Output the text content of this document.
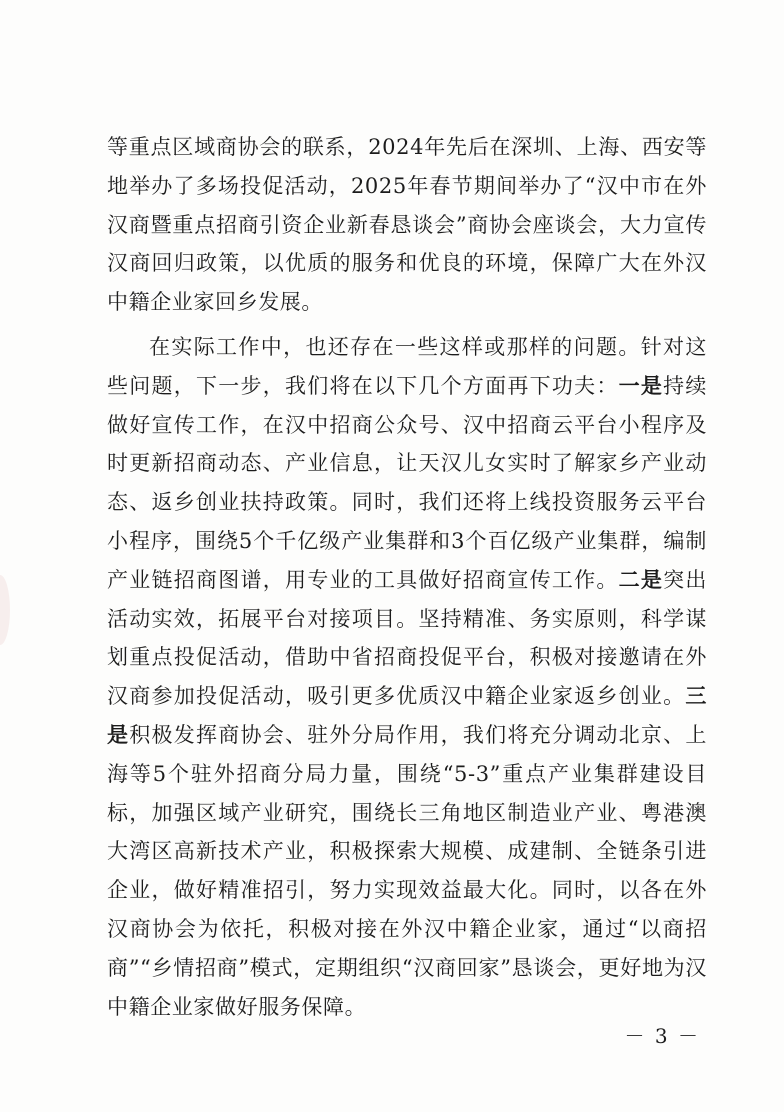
等重点区域商协会的联系，2024年先后在深圳、上海、西安等地举办了多场投促活动，2025年春节期间举办了“汉中市在外汉商暨重点招商引资企业新春恳谈会”商协会座谈会，大力宣传汉商回归政策，以优质的服务和优良的环境，保障广大在外汉中籍企业家回乡发展。

在实际工作中，也还存在一些这样或那样的问题。针对这些问题，下一步，我们将在以下几个方面再下功夫：一是持续做好宣传工作，在汉中招商公众号、汉中招商云平台小程序及时更新招商动态、产业信息，让天汉儿女实时了解家乡产业动态、返乡创业扶持政策。同时，我们还将上线投资服务云平台小程序，围绕5个千亿级产业集群和3个百亿级产业集群，编制产业链招商图谱，用专业的工具做好招商宣传工作。二是突出活动实效，拓展平台对接项目。坚持精准、务实原则，科学谋划重点投促活动，借助中省招商投促平台，积极对接邀请在外汉商参加投促活动，吸引更多优质汉中籍企业家返乡创业。三是积极发挥商协会、驻外分局作用，我们将充分调动北京、上海等5个驻外招商分局力量，围绕“5-3”重点产业集群建设目标，加强区域产业研究，围绕长三角地区制造业产业、粤港澳大湾区高新技术产业，积极探索大规模、成建制、全链条引进企业，做好精准招引，努力实现效益最大化。同时，以各在外汉商协会为依托，积极对接在外汉中籍企业家，通过“以商招商”“乡情招商”模式，定期组织“汉商回家”恳谈会，更好地为汉中籍企业家做好服务保障。

－ 3 －
